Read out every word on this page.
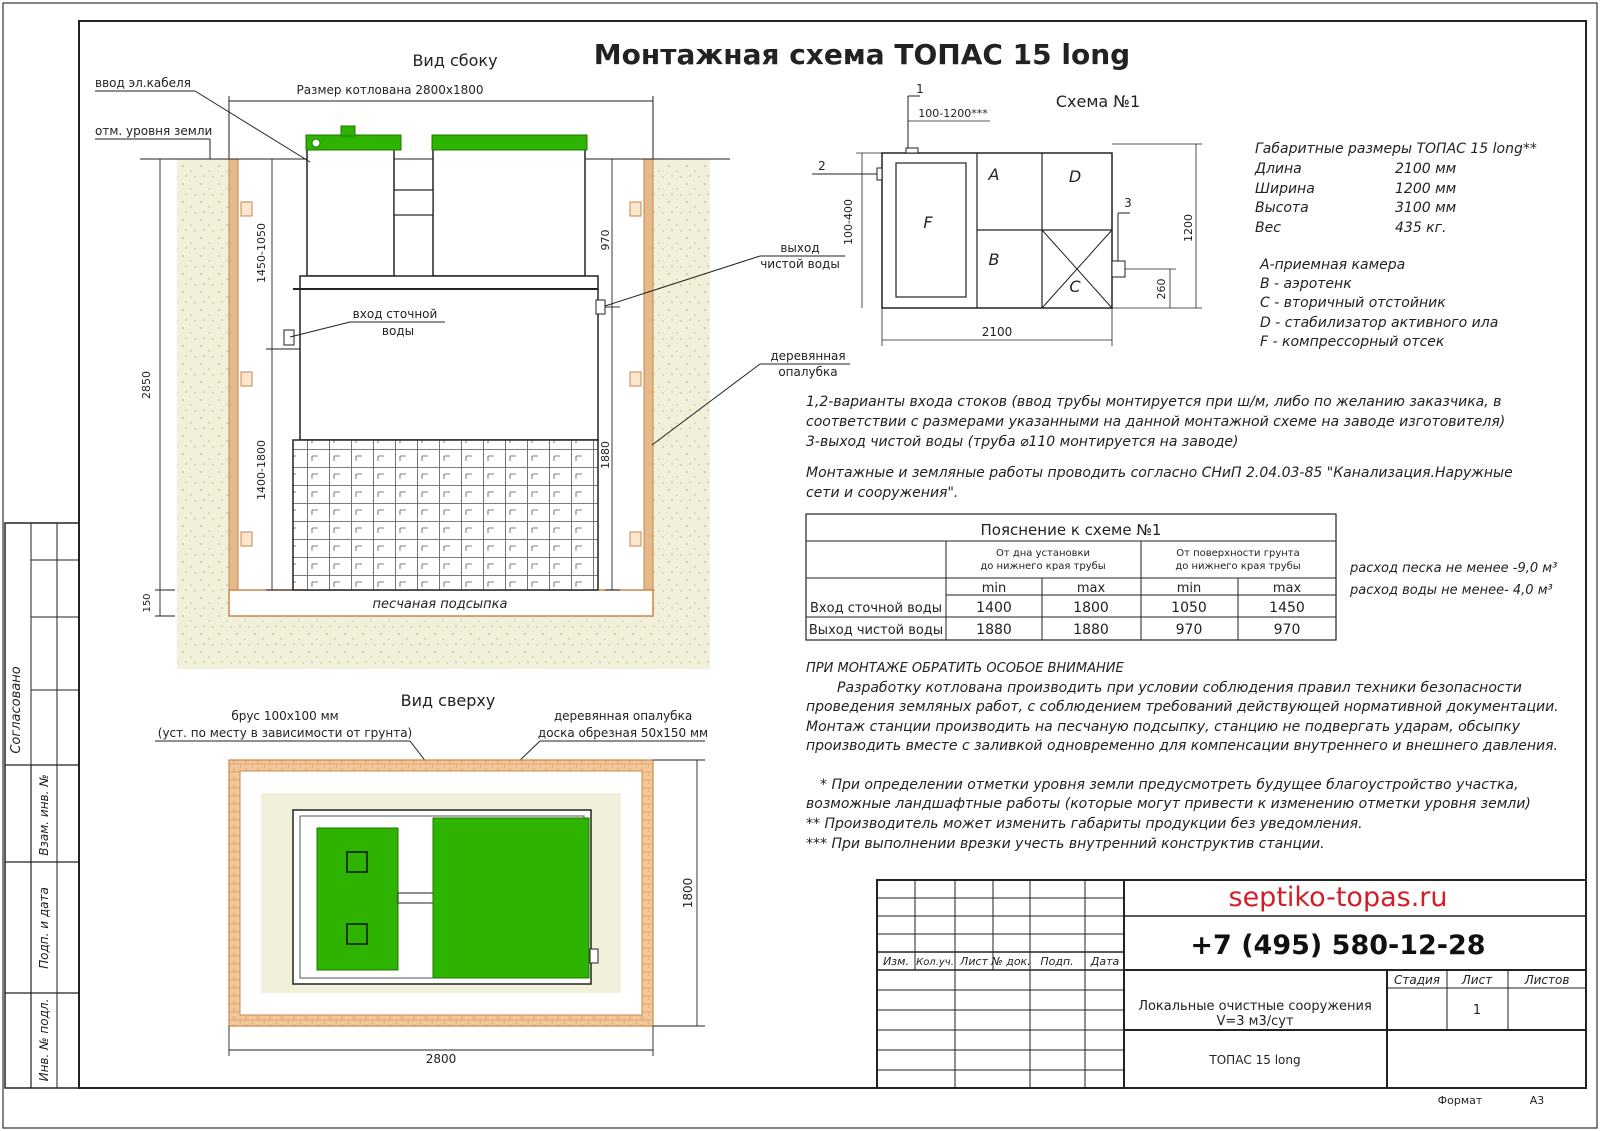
Согласовано
Взам. инв. №
Подп. и дата
Инв. № подл.
Монтажная схема ТОПАС 15 long
Вид сбоку
ввод эл.кабеля
отм. уровня земли
Размер котлована 2800x1800
вход сточной
воды
выход
чистой воды
деревянная
опалубка
песчаная подсыпка
2850
150
1450-1050
1400-1800
970
1880
Вид сверху
брус 100x100 мм
(уст. по месту в зависимости от грунта)
деревянная опалубка
доска обрезная 50x150 мм
2800
1800
Схема №1
F
A
B
D
C
1
2
3
100-1200***
100-400	1200
260
2100
Габаритные размеры ТОПАС 15 long**
Длина	2100 мм
Ширина	1200 мм
Высота	3100 мм
Вес	435 кг.
A-приемная камера
B - аэротенк
C - вторичный отстойник
D - стабилизатор активного ила
F - компрессорный отсек
1,2-варианты входа стоков (ввод трубы монтируется при ш/м, либо по желанию заказчика, в
соответствии с размерами указанными на данной монтажной схеме на заводе изготовителя)
3-выход чистой воды (труба ⌀110 монтируется на заводе)
Монтажные и земляные работы проводить согласно СНиП 2.04.03-85 "Канализация.Наружные
сети и сооружения".
расход песка не менее -9,0 м³
расход воды не менее- 4,0 м³
ПРИ МОНТАЖЕ ОБРАТИТЬ ОСОБОЕ ВНИМАНИЕ
Разработку котлована производить при условии соблюдения правил техники безопасности
проведения земляных работ, с соблюдением требований действующей нормативной документации.
Монтаж станции производить на песчаную подсыпку, станцию не подвергать ударам, обсыпку
производить вместе с заливкой одновременно для компенсации внутреннего и внешнего давления.
* При определении отметки уровня земли предусмотреть будущее благоустройство участка,
возможные ландшафтные работы (которые могут привести к изменению отметки уровня земли)
** Производитель может изменить габариты продукции без уведомления.
*** При выполнении врезки учесть внутренний конструктив станции.
Пояснение к схеме №1
От дна установки
до нижнего края трубы
От поверхности грунта
до нижнего края трубы
min	max	min	max
Вход сточной воды 1400	1800	1050	1450
Выход чистой воды 1880	1880	970	970
septiko-topas.ru
+7 (495) 580-12-28
Изм. Кол.уч. Лист № док. Подп. Дата
Стадия Лист	Листов
1
Локальные очистные сооружения
V=3 м3/сут
ТОПАС 15 long
Формат	А3
